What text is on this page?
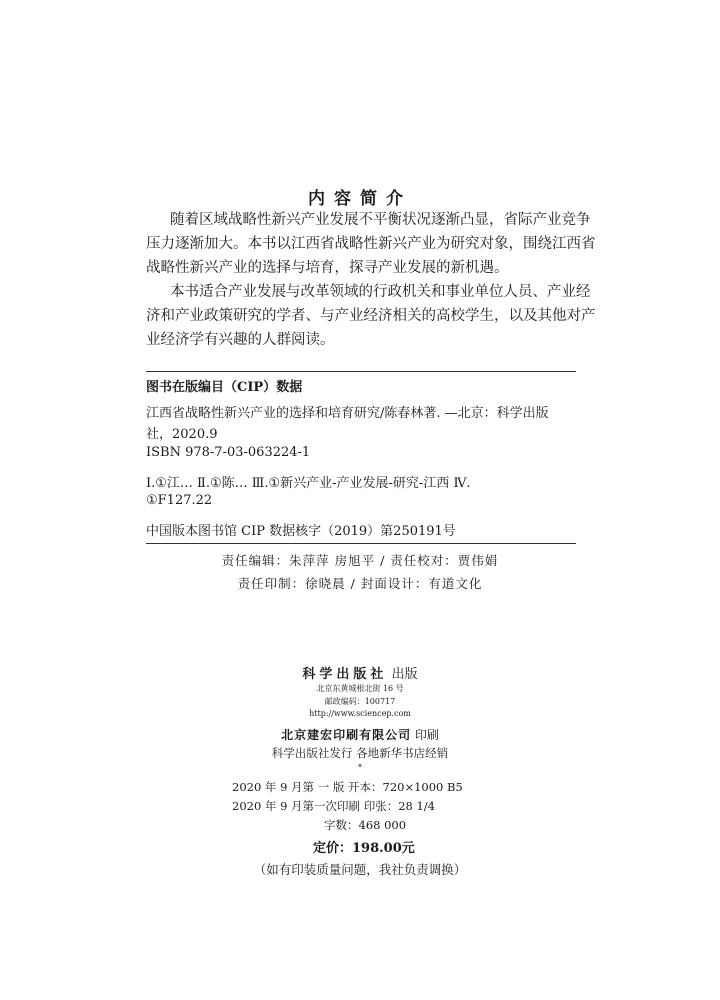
内容简介
随着区域战略性新兴产业发展不平衡状况逐渐凸显，省际产业竞争
压力逐渐加大。本书以江西省战略性新兴产业为研究对象，围绕江西省
战略性新兴产业的选择与培育，探寻产业发展的新机遇。
本书适合产业发展与改革领域的行政机关和事业单位人员、产业经
济和产业政策研究的学者、与产业经济相关的高校学生，以及其他对产
业经济学有兴趣的人群阅读。
图书在版编目（CIP）数据
江西省战略性新兴产业的选择和培育研究/陈春林著. —北京：科学出版
社，2020.9
ISBN 978-7-03-063224-1
Ⅰ.①江… Ⅱ.①陈… Ⅲ.①新兴产业-产业发展-研究-江西 Ⅳ.
①F127.22
中国版本图书馆 CIP 数据核字（2019）第250191号
责任编辑：朱萍萍 房旭平 / 责任校对：贾伟娟
责任印制：徐晓晨 / 封面设计：有道文化
科学出版社 出版
北京东黄城根北街 16 号
邮政编码：100717
http://www.sciencep.com
北京建宏印刷有限公司 印刷
科学出版社发行 各地新华书店经销
*
2020 年 9 月第 一 版 开本：720×1000 B5
2020 年 9 月第一次印刷 印张：28 1/4
字数：468 000
定价：198.00元
（如有印装质量问题，我社负责调换）
